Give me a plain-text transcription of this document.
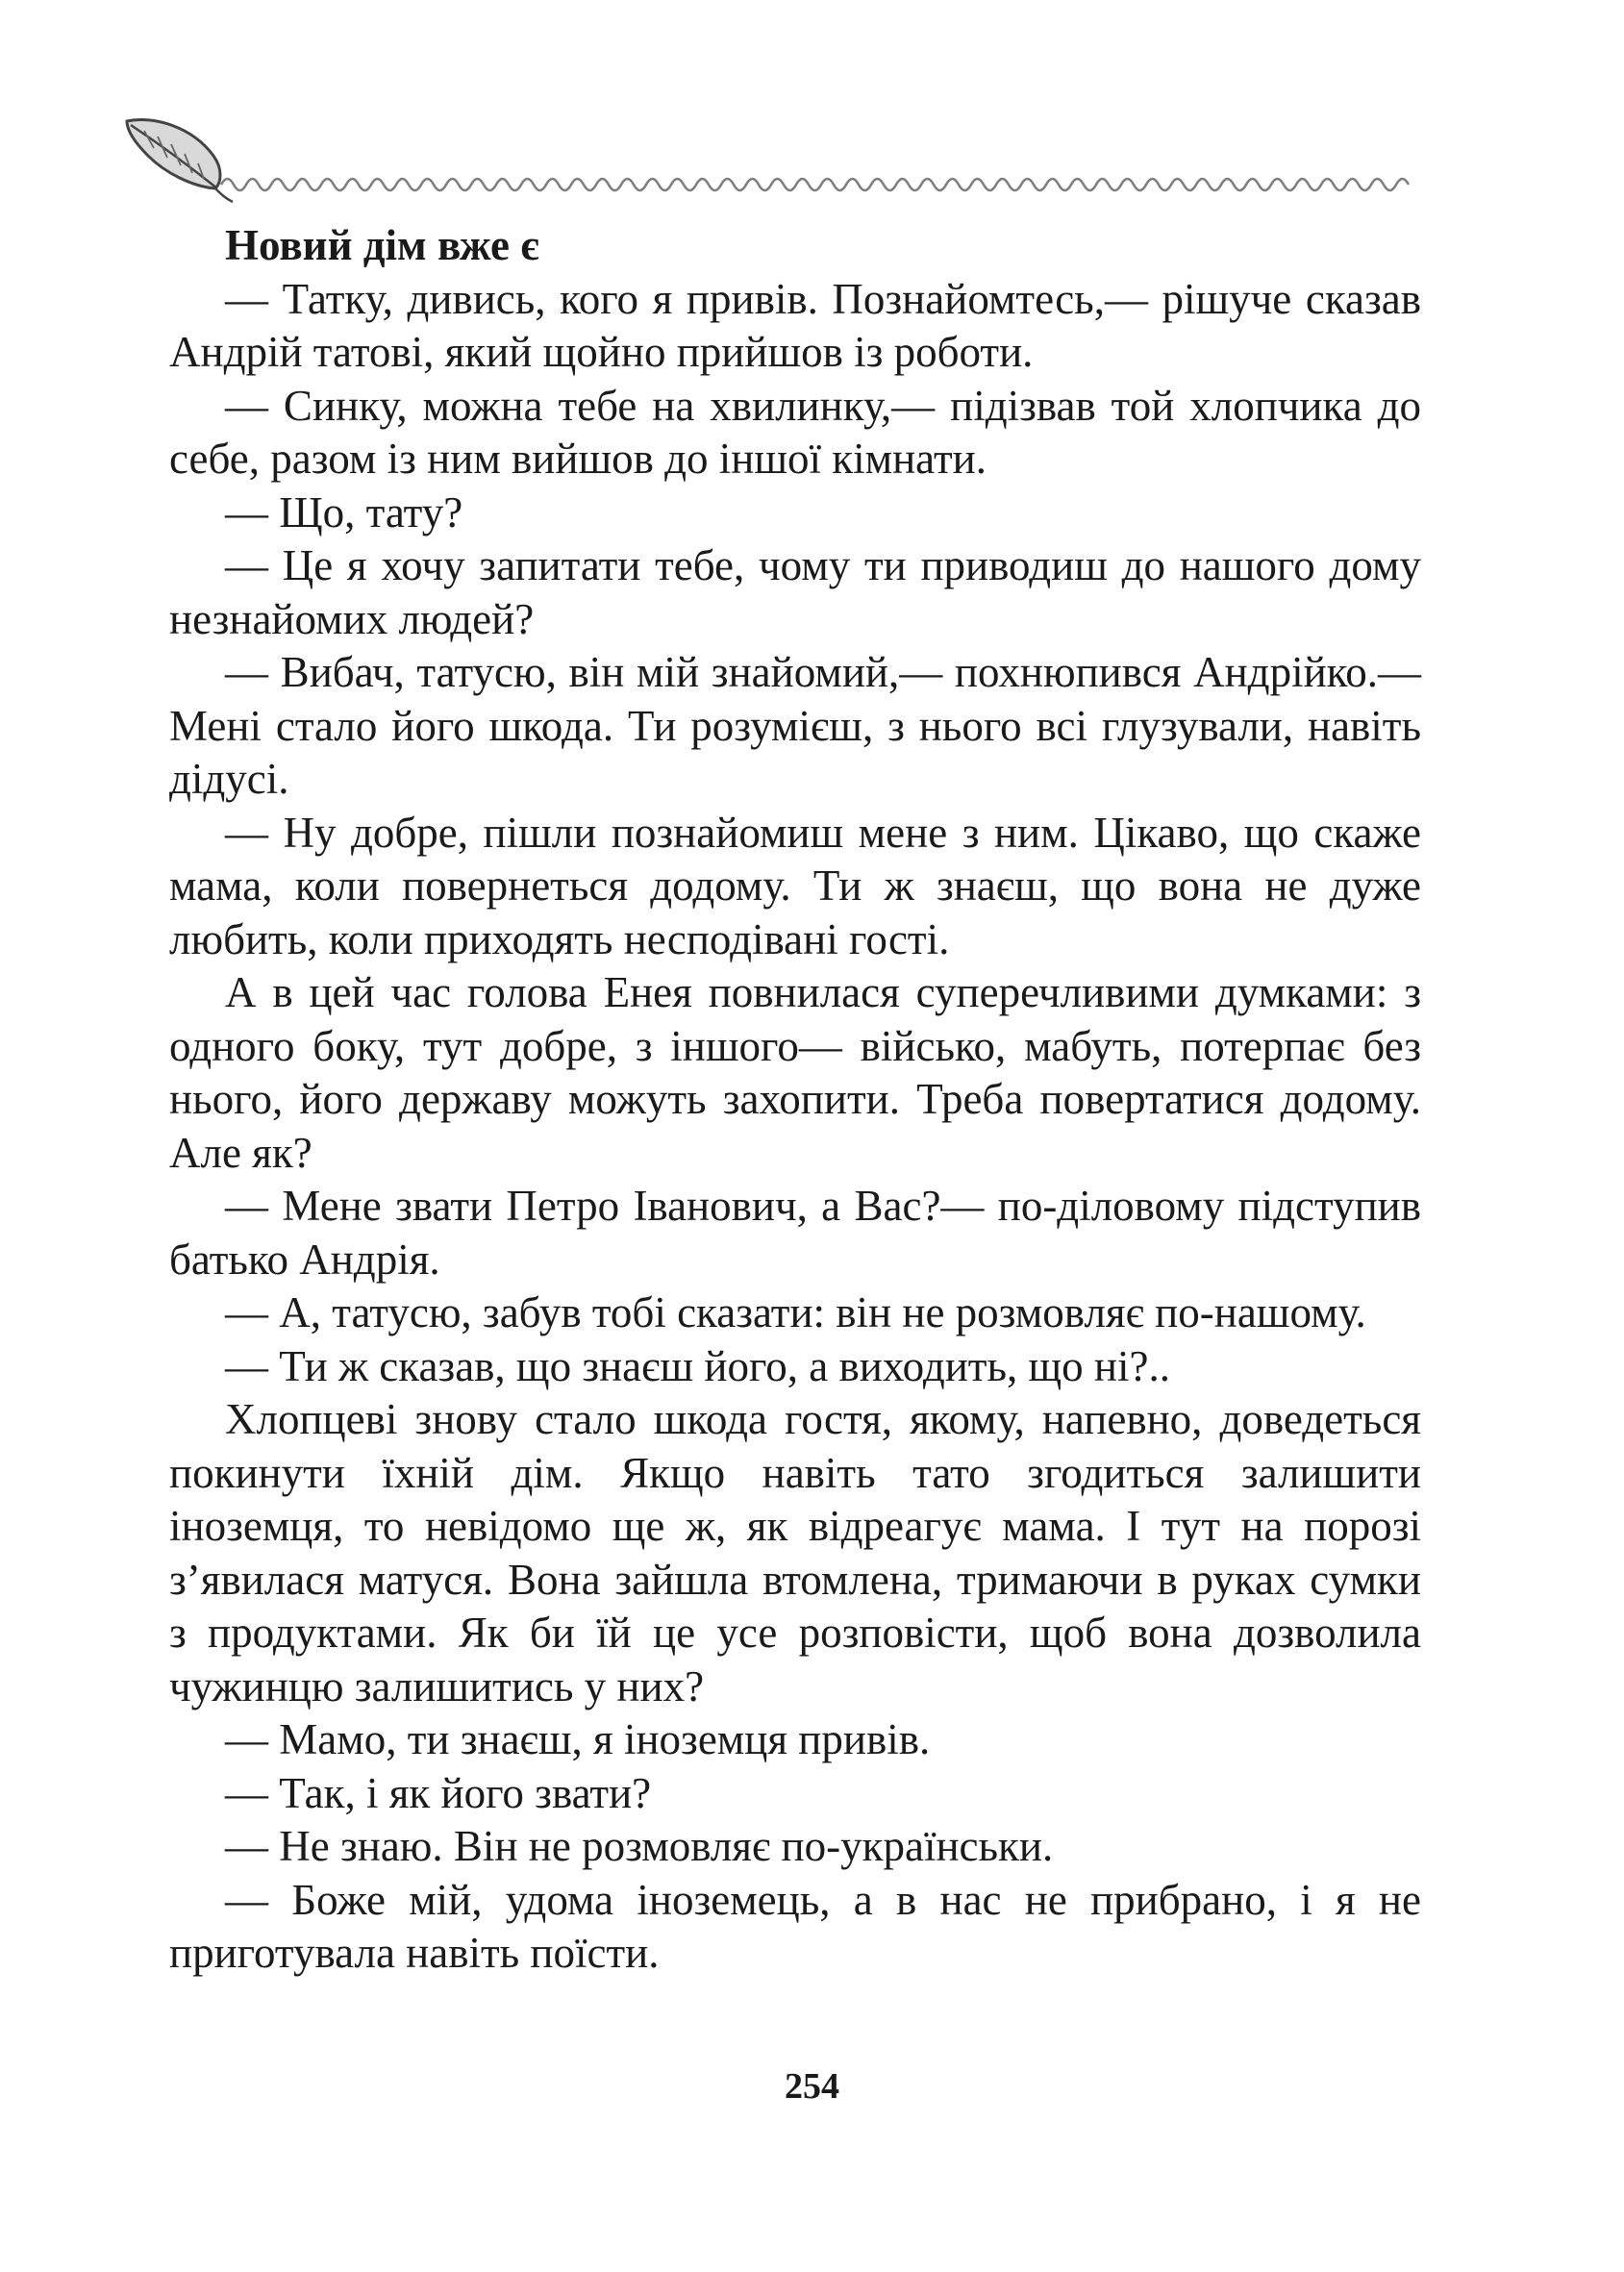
Новий дім вже є

— Татку, дивись, кого я привів. Познайомтесь,— рішуче сказав Андрій татові, який щойно прийшов із роботи.

— Синку, можна тебе на хвилинку,— підізвав той хлопчика до себе, разом із ним вийшов до іншої кімнати.

— Що, тату?

— Це я хочу запитати тебе, чому ти приводиш до нашого дому незнайомих людей?

— Вибач, татусю, він мій знайомий,— похнюпився Андрійко.— Мені стало його шкода. Ти розумієш, з нього всі глузували, навіть дідусі.

— Ну добре, пішли познайомиш мене з ним. Цікаво, що скаже мама, коли повернеться додому. Ти ж знаєш, що вона не дуже любить, коли приходять несподівані гості.

А в цей час голова Енея повнилася суперечливими думками: з одного боку, тут добре, з іншого— військо, мабуть, потерпає без нього, його державу можуть захопити. Треба повертатися додому. Але як?

— Мене звати Петро Іванович, а Вас?— по-діловому підступив батько Андрія.

— А, татусю, забув тобі сказати: він не розмовляє по-нашому.

— Ти ж сказав, що знаєш його, а виходить, що ні?..

Хлопцеві знову стало шкода гостя, якому, напевно, доведеться покинути їхній дім. Якщо навіть тато згодиться залишити іноземця, то невідомо ще ж, як відреагує мама. І тут на порозі з’явилася матуся. Вона зайшла втомлена, тримаючи в руках сумки з продуктами. Як би їй це усе розповісти, щоб вона дозволила чужинцю залишитись у них?

— Мамо, ти знаєш, я іноземця привів.

— Так, і як його звати?

— Не знаю. Він не розмовляє по-українськи.

— Боже мій, удома іноземець, а в нас не прибрано, і я не приготувала навіть поїсти.

254
